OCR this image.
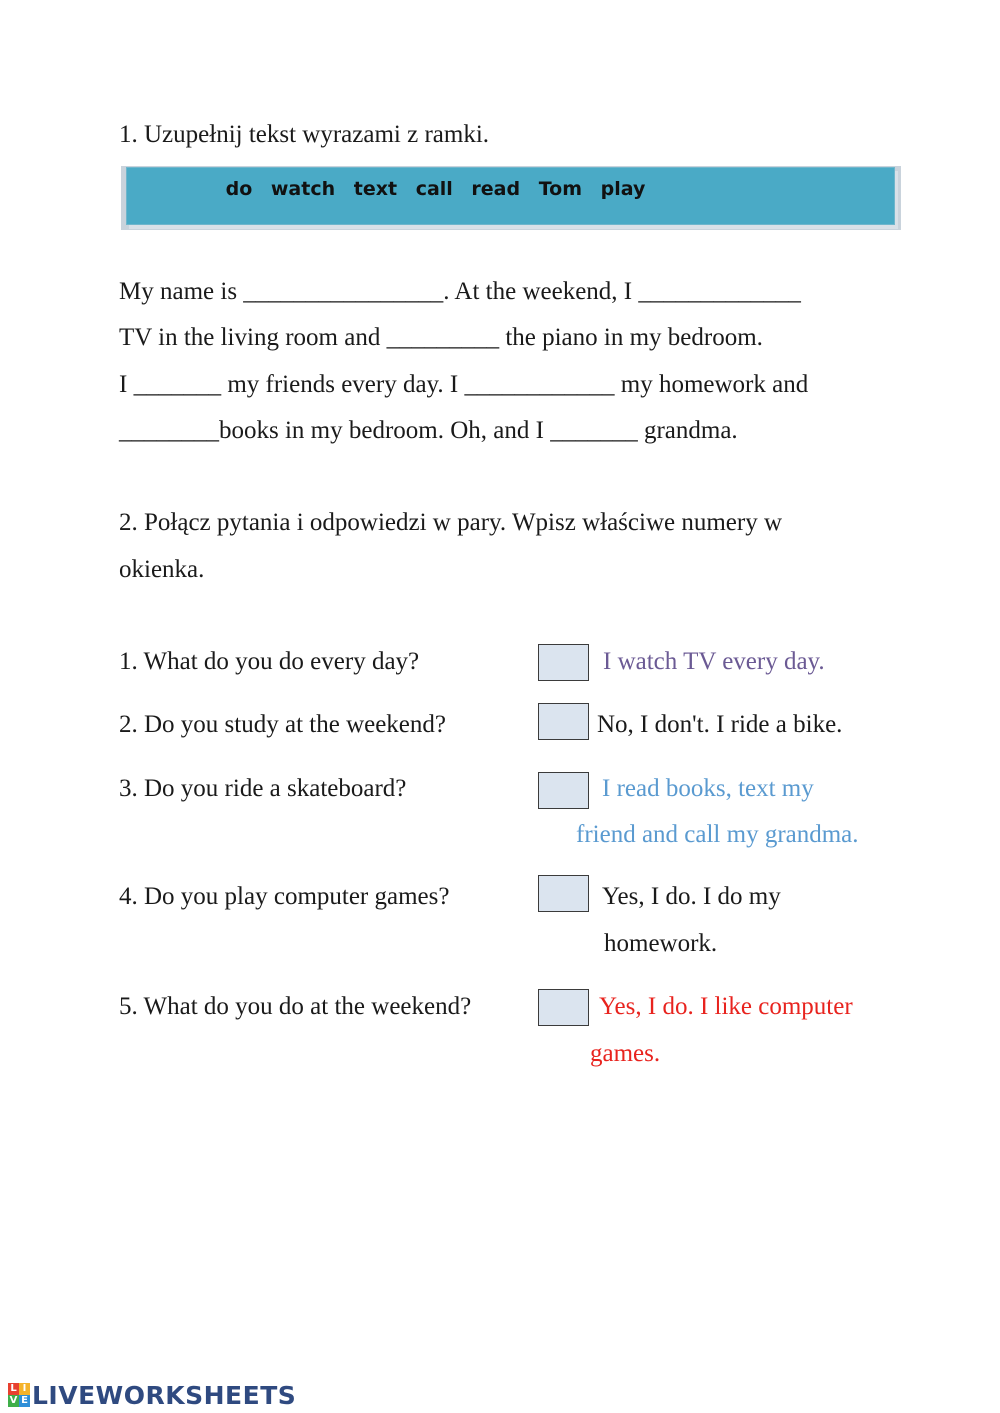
1. Uzupełnij tekst wyrazami z ramki.
do watch text call read Tom play
My name is ________________. At the weekend, I _____________
TV in the living room and _________ the piano in my bedroom.
I _______ my friends every day. I ____________ my homework and
________books in my bedroom. Oh, and I _______ grandma.
2. Połącz pytania i odpowiedzi w pary. Wpisz właściwe numery w
okienka.
1. What do you do every day?
2. Do you study at the weekend?
3. Do you ride a skateboard?
4. Do you play computer games?
5. What do you do at the weekend?
I watch TV every day.
No, I don't. I ride a bike.
I read books, text my
friend and call my grandma.
Yes, I do. I do my
homework.
Yes, I do. I like computer
games.
L I
V E LIVEWORKSHEETS
